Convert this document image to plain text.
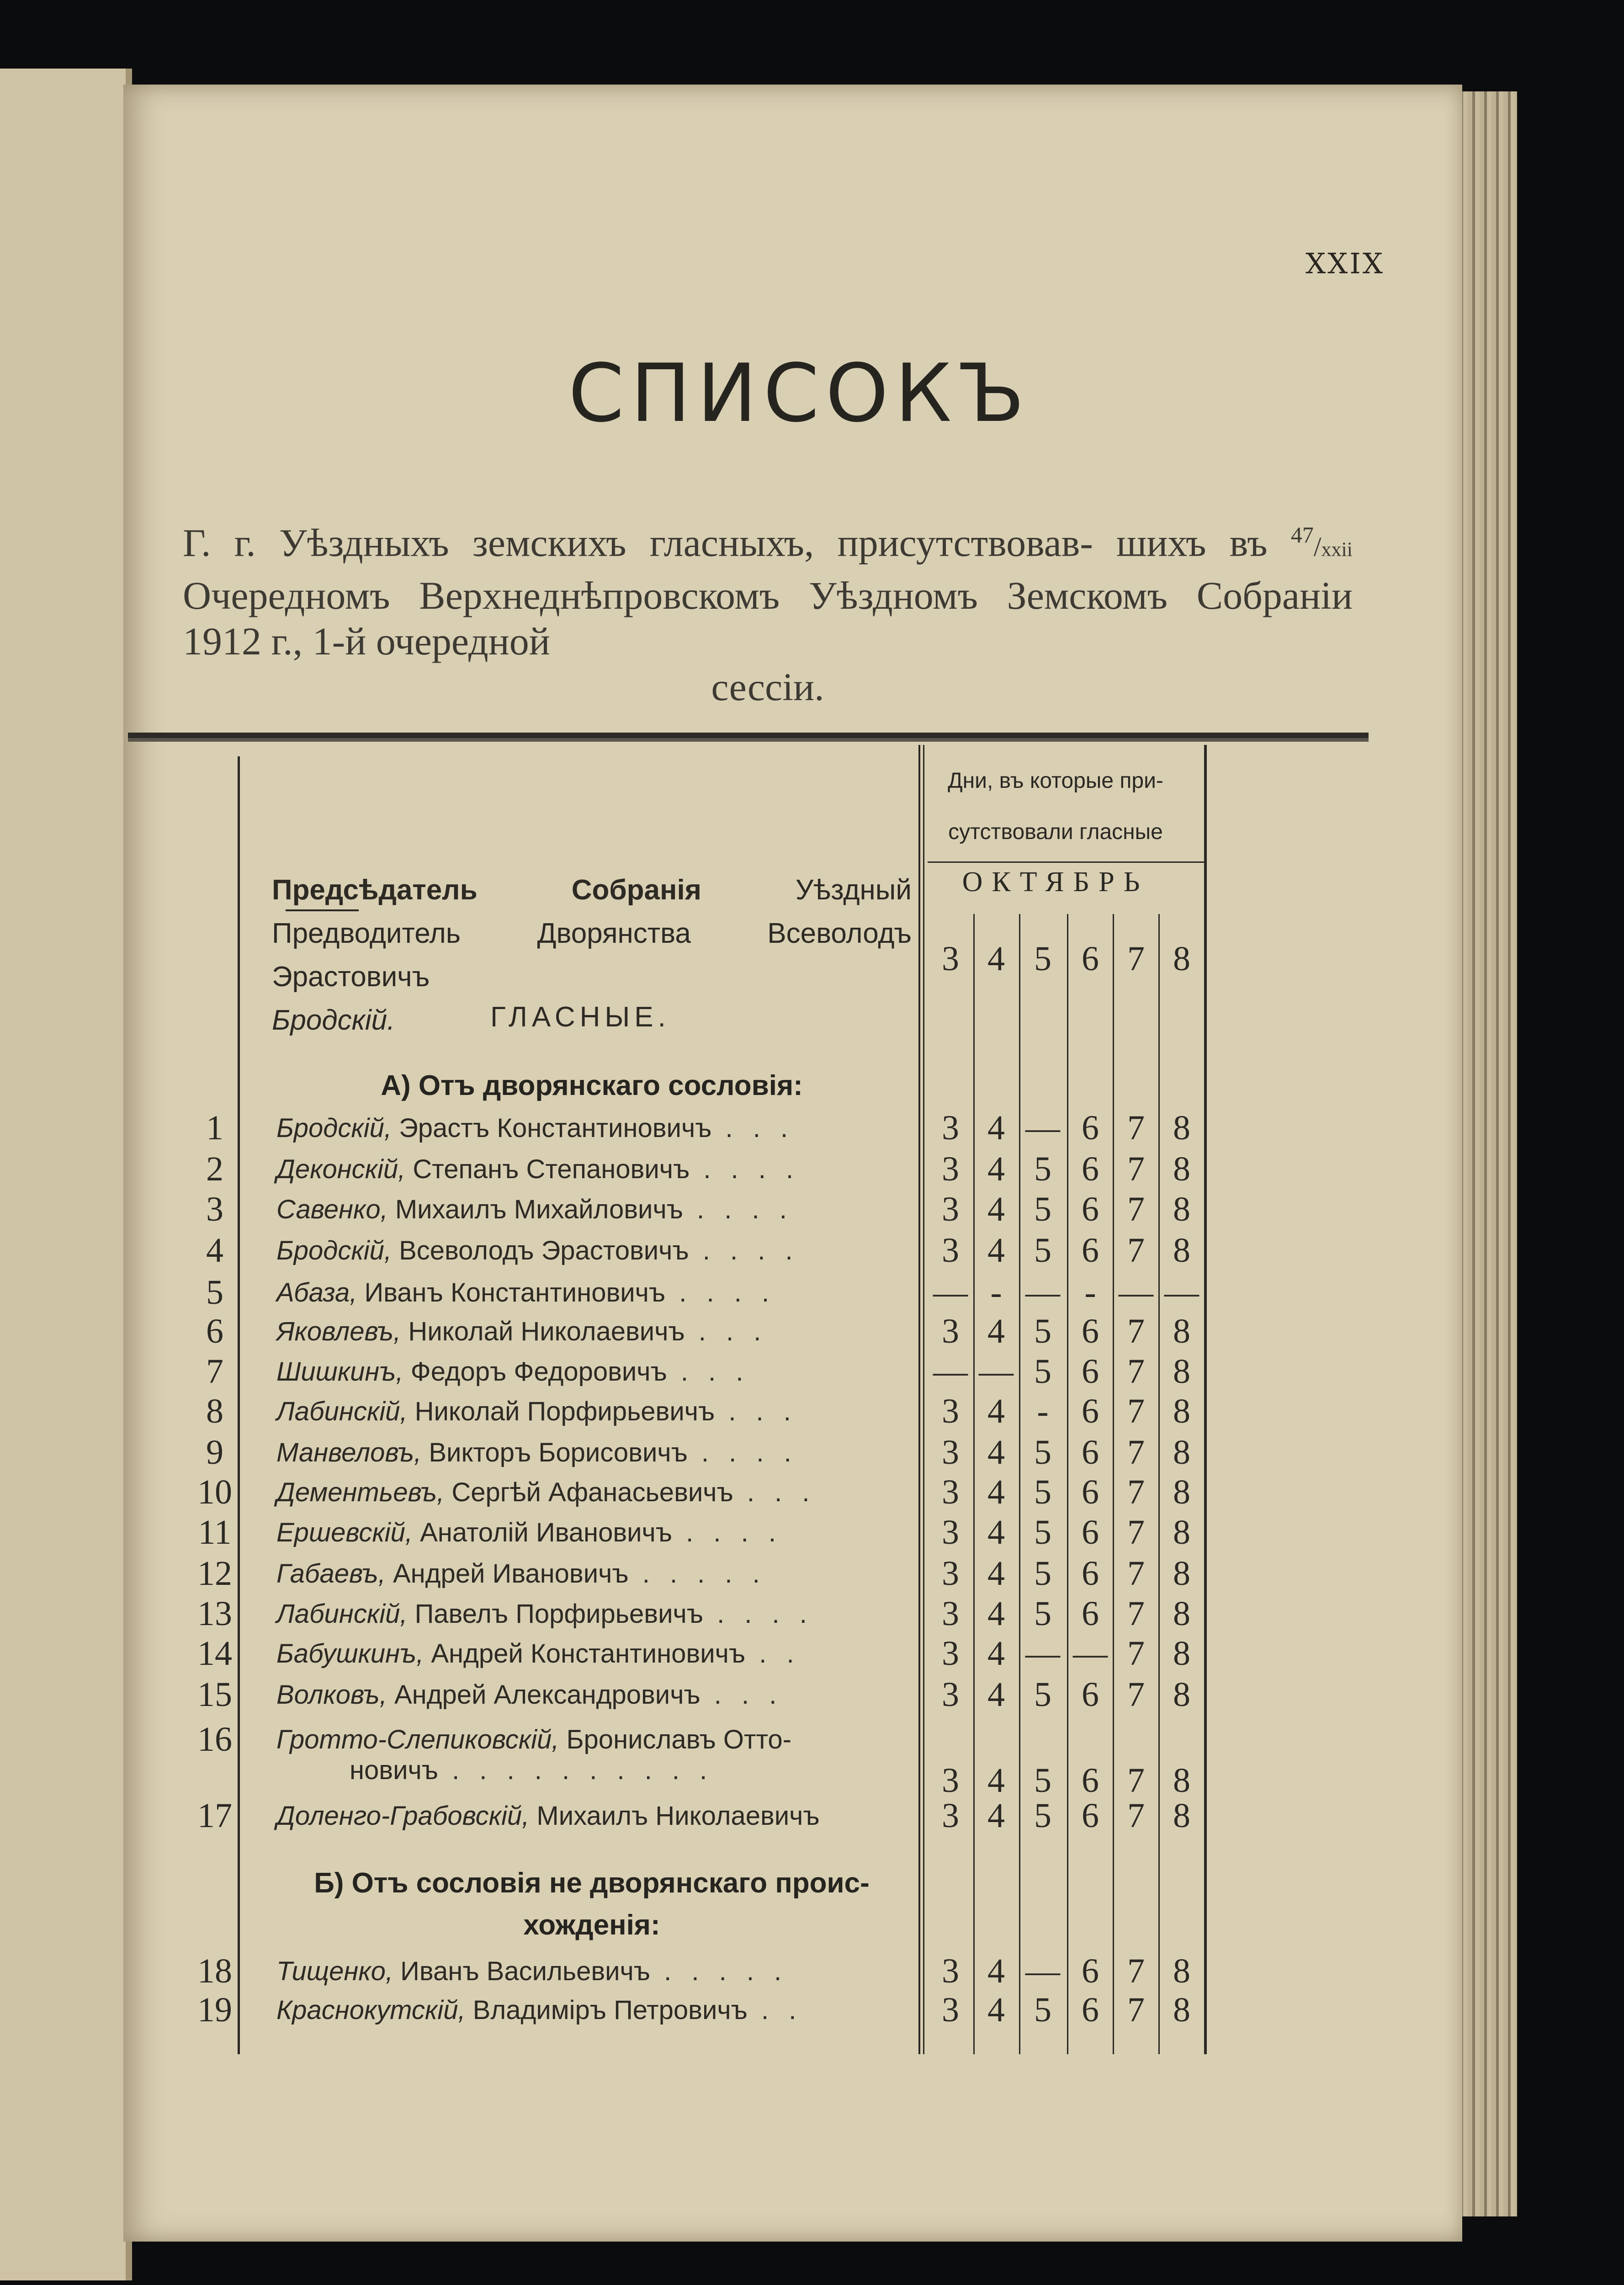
XXIX
СПИСОКЪ
Г. г. Уѣздныхъ земскихъ гласныхъ, присутствовав- шихъ въ $^{47}$/xxii Очередномъ Верхнеднѣпровскомъ Уѣздномъ Земскомъ Собраніи 1912 г., 1-й очередной
сессіи.
Дни, въ которые при-
сутствовали гласные
ОКТЯБРЬ
Предсѣдатель Собранія	Уѣздный Предводитель Дворянства Всеволодъ Эрастовичъ
Бродскій.	ГЛАСНЫЕ.
А) Отъ дворянскаго сословія:
Б) Отъ сословія не дворянскаго проис-
хожденія:
3 4 5 6 7 8
1	Бродскій, Эрастъ Константиновичъ . . .	3 4 — 6 7 8
2	Деконскій, Степанъ Степановичъ . . . .	3 4 5 6 7 8
3	Савенко, Михаилъ Михайловичъ . . . .	3 4 5 6 7 8
4	Бродскій, Всеволодъ Эрастовичъ . . . .	3 4 5 6 7 8
5	Абаза, Иванъ Константиновичъ . . . .	— - — - — —
6	Яковлевъ, Николай Николаевичъ . . .	3 4 5 6 7 8
7	Шишкинъ, Федоръ Федоровичъ . . .	— — 5 6 7 8
8	Лабинскій, Николай Порфирьевичъ . . .	3 4 - 6 7 8
9	Манвеловъ, Викторъ Борисовичъ . . . .	3 4 5 6 7 8
10	Дементьевъ, Сергѣй Афанасьевичъ . . .	3 4 5 6 7 8
11	Ершевскій, Анатолій Ивановичъ . . . .	3 4 5 6 7 8
12	Габаевъ, Андрей Ивановичъ . . . . .	3 4 5 6 7 8
13	Лабинскій, Павелъ Порфирьевичъ . . . .	3 4 5 6 7 8
14	Бабушкинъ, Андрей Константиновичъ . .	3 4 — — 7 8
15	Волковъ, Андрей Александровичъ . . .	3 4 5 6 7 8
16	Гротто-Слепиковскій, Брониславъ Отто-
новичъ . . . . . . . . . .	3 4 5 6 7 8
17	Доленго-Грабовскій, Михаилъ Николаевичъ	3 4 5 6 7 8
18	Тищенко, Иванъ Васильевичъ . . . . .	3 4 — 6 7 8
19	Краснокутскій, Владиміръ Петровичъ . .	3 4 5 6 7 8
